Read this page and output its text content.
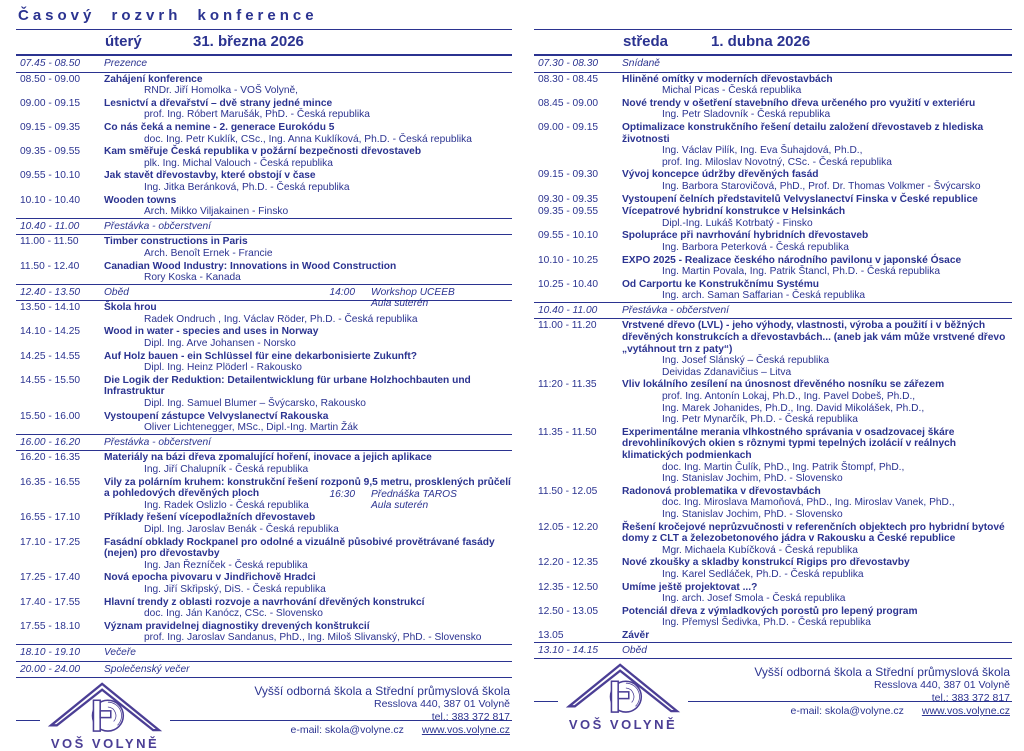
Časový rozvrh konference
úterý	31. března 2026
07.45 - 08.50	Prezence
08.50 - 09.00	Zahájení konference
RNDr. Jiří Homolka - VOŠ Volyně,
09.00 - 09.15	Lesnictví a dřevařství – dvě strany jedné mince
prof. Ing. Róbert Marušák, PhD. - Česká republika
09.15 - 09.35	Co nás čeká a nemine - 2. generace Eurokódu 5
doc. Ing. Petr Kuklík, CSc., Ing. Anna Kuklíková, Ph.D. - Česká republika
09.35 - 09.55	Kam směřuje Česká republika v požární bezpečnosti dřevostaveb
plk. Ing. Michal Valouch - Česká republika
09.55 - 10.10	Jak stavět dřevostavby, které obstojí v čase
Ing. Jitka Beránková, Ph.D. - Česká republika
10.10 - 10.40	Wooden towns
Arch. Mikko Viljakainen - Finsko
10.40 - 11.00	Přestávka - občerstvení
11.00 - 11.50	Timber constructions in Paris
Arch. Benoît Ernek - Francie
11.50 - 12.40	Canadian Wood Industry: Innovations in Wood Construction
Rory Koska - Kanada
12.40 - 13.50	Oběd	14:00 Workshop UCEEB
Aula suterén
13.50 - 14.10	Škola hrou
Radek Ondruch , Ing. Václav Röder, Ph.D. - Česká republika
14.10 - 14.25	Wood in water - species and uses in Norway
Dipl. Ing. Arve Johansen - Norsko
14.25 - 14.55	Auf Holz bauen - ein Schlüssel für eine dekarbonisierte Zukunft?
Dipl. Ing. Heinz Plöderl - Rakousko
14.55 - 15.50	Die Logik der Reduktion: Detailentwicklung für urbane Holzhochbauten und Infrastruktur
Dipl. Ing. Samuel Blumer – Švýcarsko, Rakousko
15.50 - 16.00	Vystoupení zástupce Velvyslanectví Rakouska
Oliver Lichtenegger, MSc., Dipl.-Ing. Martin Žák
16.00 - 16.20	Přestávka - občerstvení
16.20 - 16.35	Materiály na bázi dřeva zpomalující hoření, inovace a jejich aplikace
Ing. Jiří Chalupník - Česká republika
16.35 - 16.55	Vily za polárním kruhem: konstrukční řešení rozponů 9,5 metru, prosklených průčelí a pohledových dřevěných ploch
Ing. Radek Oslizlo - Česká republika
16:30 Přednáška TAROS
Aula suterén
16.55 - 17.10	Příklady řešení vícepodlažních dřevostaveb
Dipl. Ing. Jaroslav Benák - Česká republika
17.10 - 17.25	Fasádní obklady Rockpanel pro odolné a vizuálně působivé provětrávané fasády (nejen) pro dřevostavby
Ing. Jan Řezníček - Česká republika
17.25 - 17.40	Nová epocha pivovaru v Jindřichově Hradci
Ing. Jiří Skřipský, DiS. - Česká republika
17.40 - 17.55	Hlavní trendy z oblasti rozvoje a navrhování dřevěných konstrukcí
doc. Ing. Ján Kanócz, CSc. - Slovensko
17.55 - 18.10	Význam pravidelnej diagnostiky drevených konštrukcií
prof. Ing. Jaroslav Sandanus, PhD., Ing. Miloš Slivanský, PhD. - Slovensko
18.10 - 19.10	Večeře
20.00 - 24.00	Společenský večer
VOŠ VOLYNĚ
Vyšší odborná škola a Střední průmyslová škola
Resslova 440, 387 01 Volyně
tel.: 383 372 817
e-mail: skola@volyne.cz www.vos.volyne.cz
středa	1. dubna 2026
07.30 - 08.30	Snídaně
08.30 - 08.45	Hliněné omítky v moderních dřevostavbách
Michal Picas - Česká republika
08.45 - 09.00	Nové trendy v ošetření stavebního dřeva určeného pro využití v exteriéru
Ing. Petr Sladovník - Česká republika
09.00 - 09.15	Optimalizace konstrukčního řešení detailu založení dřevostaveb z hlediska životnosti
Ing. Václav Pilík, Ing. Eva Šuhajdová, Ph.D.,
prof. Ing. Miloslav Novotný, CSc. - Česká republika
09.15 - 09.30	Vývoj koncepce údržby dřevěných fasád
Ing. Barbora Starovičová, PhD., Prof. Dr. Thomas Volkmer - Švýcarsko
09.30 - 09.35	Vystoupení čelních představitelů Velvyslanectví Finska v České republice
09.35 - 09.55	Vícepatrové hybridní konstrukce v Helsinkách
Dipl.-Ing. Lukáš Kotrbatý - Finsko
09.55 - 10.10	Spolupráce při navrhování hybridních dřevostaveb
Ing. Barbora Peterková - Česká republika
10.10 - 10.25	EXPO 2025 - Realizace českého národního pavilonu v japonské Ósace
Ing. Martin Povala, Ing. Patrik Štancl, Ph.D. - Česká republika
10.25 - 10.40	Od Carportu ke Konstrukčnímu Systému
Ing. arch. Saman Saffarian - Česká republika
10.40 - 11.00	Přestávka - občerstvení
11.00 - 11.20	Vrstvené dřevo (LVL) - jeho výhody, vlastnosti, výroba a použití i v běžných dřevěných konstrukcích a dřevostavbách... (aneb jak vám může vrstvené dřevo „vytáhnout trn z paty“)
Ing. Josef Slánský – Česká republika
Deividas Zdanavičius – Litva
11:20 - 11.35	Vliv lokálního zesílení na únosnost dřevěného nosníku se zářezem
prof. Ing. Antonín Lokaj, Ph.D., Ing. Pavel Dobeš, Ph.D.,
Ing. Marek Johanides, Ph.D., Ing. David Mikolášek, Ph.D.,
Ing. Petr Mynarčík, Ph.D. - Česká republika
11.35 - 11.50	Experimentálne merania vlhkostného správania v osadzovacej škáre drevohliníkových okien s rôznymi typmi tepelných izolácií v reálnych klimatických podmienkach
doc. Ing. Martin Čulík, PhD., Ing. Patrik Štompf, PhD.,
Ing. Stanislav Jochim, PhD. - Slovensko
11.50 - 12.05	Radonová problematika v dřevostavbách
doc. Ing. Miroslava Mamoňová, PhD., Ing. Miroslav Vanek, PhD.,
Ing. Stanislav Jochim, PhD. - Slovensko
12.05 - 12.20	Řešení kročejové neprůzvučnosti v referenčních objektech pro hybridní bytové domy z CLT a železobetonového jádra v Rakousku a České republice
Mgr. Michaela Kubíčková - Česká republika
12.20 - 12.35	Nové zkoušky a skladby konstrukcí Rigips pro dřevostavby
Ing. Karel Sedláček, Ph.D. - Česká republika
12.35 - 12.50	Umíme ještě projektovat ...?
Ing. arch. Josef Smola - Česká republika
12.50 - 13.05	Potenciál dřeva z výmladkových porostů pro lepený program
Ing. Přemysl Šedivka, Ph.D. - Česká republika
13.05	Závěr
13.10 - 14.15	Oběd
VOŠ VOLYNĚ
Vyšší odborná škola a Střední průmyslová škola
Resslova 440, 387 01 Volyně
tel.: 383 372 817
e-mail: skola@volyne.cz www.vos.volyne.cz
